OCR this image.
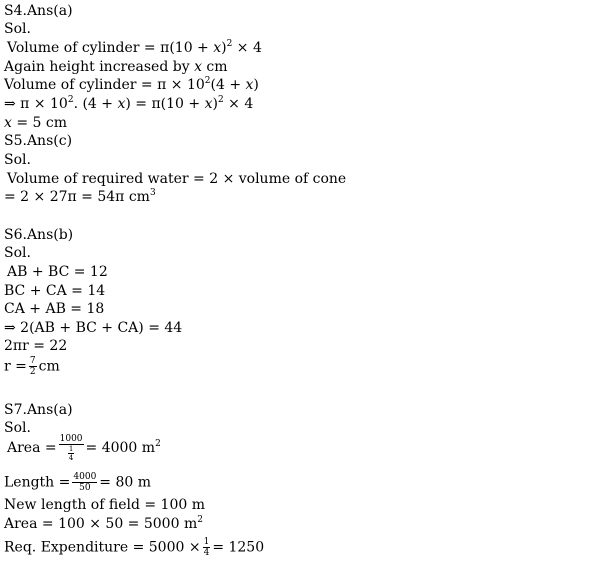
S4.Ans(a)
Sol.
Volume of cylinder = $\pi(10 + x)^2 \times 4$
Again height increased by x cm
Volume of cylinder = $\pi \times 10^2(4 + x)$
⇒ $\pi \times 10^2$. $(4 + x) = \pi(10 + x)^2 \times 4$
x = 5 cm
S5.Ans(c)
Sol.
Volume of required water = 2 × volume of cone
= 2 × 27π = 54π $cm^3$
S6.Ans(b)
Sol.
AB + BC = 12
BC + CA = 14
CA + AB = 18
⇒ 2(AB + BC + CA) = 44
2πr = 22
$r = \frac{7}{2}$ cm
S7.Ans(a)
Sol.
Area = $\frac{1000}{\frac{1}{4}} = 4000$ $m^2$
Length = $\frac{4000}{50} = 80$ m
New length of field = 100 m
Area = 100 × 50 = 5000 $m^2$
Req. Expenditure = $5000 \times \frac{1}{4} = 1250$
